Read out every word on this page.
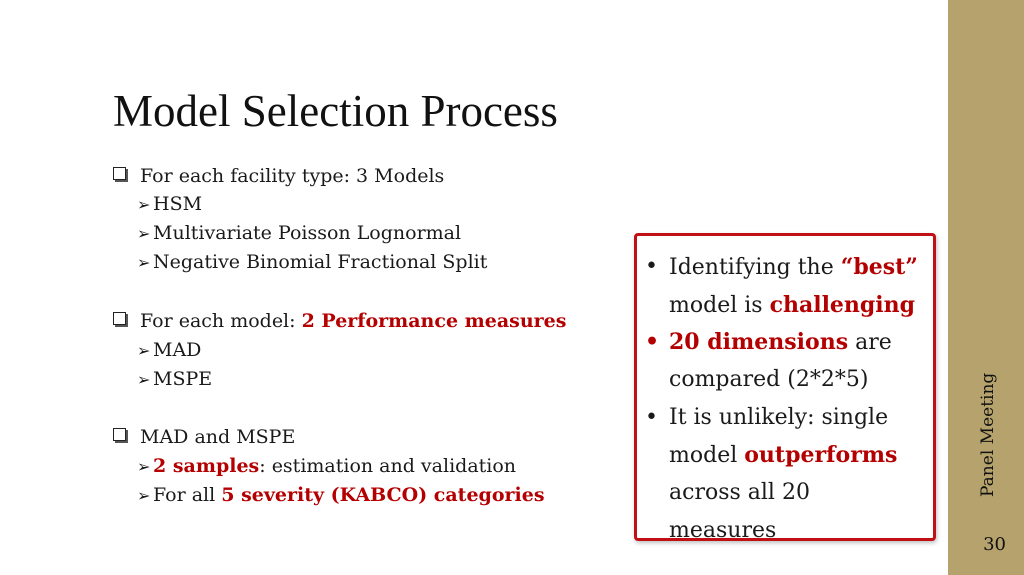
Model Selection Process
For each facility type: 3 Models
➢ HSM
➢ Multivariate Poisson Lognormal
➢ Negative Binomial Fractional Split
For each model: 2 Performance measures
➢ MAD
➢ MSPE
MAD and MSPE
➢ 2 samples: estimation and validation
➢ For all 5 severity (KABCO) categories
• Identifying the “best”
model is challenging
• 20 dimensions are
compared (2*2*5)
• It is unlikely: single
model outperforms
across all 20
measures
Panel Meeting
30
